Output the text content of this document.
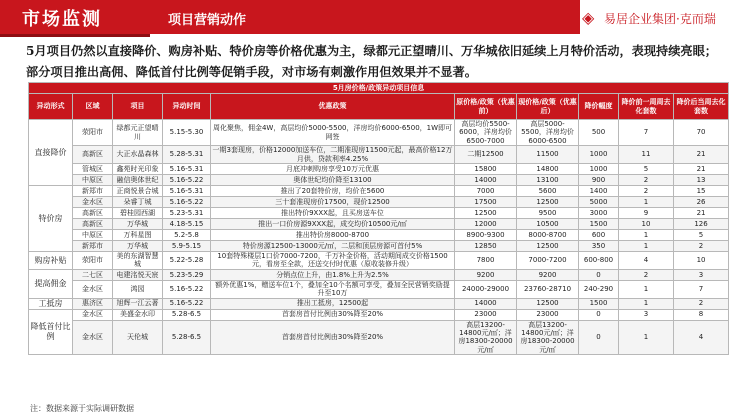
市场监测	项目营销动作	◈ 易居企业集团·克而瑞
5月项目仍然以直接降价、购房补贴、特价房等价格优惠为主，绿都元正望晴川、万华城依旧延续上月特价活动，表现持续亮眼；部分项目推出高佣、降低首付比例等促销手段，对市场有刺激作用但效果并不显著。
5月房价格/政策异动项目信息									
异动形式	区域	项目	异动时间	优惠政策	原价格/政策（优惠前）	现价格/政策（优惠后）	降价幅度	降价前一周周去化套数	降价后当周去化套数
直接降价	荥阳市	绿都元正望晴川	5.15-5.30	周化聚焦，佣金4W，高层均价5000-5500，洋房均价6000-6500，1W即可网签	高层均价5500-6000，洋房均价6500-7000	高层5000-5500，洋房均价6000-6500	500	7	70
	高新区	大正水晶森林	5.28-5.31	一期3套现房，价格12000加送车位，二期准现房11500元起，最高价格12万月供，贷款利率4.25%	二期12500	11500	1000	11	21
	管城区	鑫苑时光印象	5.16-5.31	月底冲刺购房享受10万元优惠	15800	14800	1000	5	21
	中原区	融信奥体世纪	5.16-5.22	奥体世纪均价降至13100	14000	13100	900	2	13
特价房	新郑市	正商悦景合城	5.16-5.31	推出了20套特价房，均价在5600	7000	5600	1400	2	15
	金水区	朵睿丁城	5.16-5.22	三十套准现房价17500，现价12500	17500	12500	5000	1	26
	高新区	碧桂园西湖	5.23-5.31	推出特价9XXX起，且买房送车位	12500	9500	3000	9	21
	高新区	万华城	4.18-5.15	推出一口价房源9XXX起，成交均价10500元/㎡	12000	10500	1500	10	126
	中原区	万科星图	5.2-5.8	推出特价房8000-8700	8900-9300	8000-8700	600	1	5
	新郑市	万华城	5.9-5.15	特价房源12500-13000元/㎡，二层和顶层房源可首付5%	12850	12500	350	1	2
购房补贴	荥阳市	美的东湖智慧城	5.22-5.28	10套特殊楼层1口价7000-7200，千万补金价格，活动期间成交价格1500元，看房至全款，还送交付时优惠（原收装修升级）	7800	7000-7200	600-800	4	10
提高佣金	二七区	电建洺悦天宸	5.23-5.29	分销点位上升，由1.8%上升为2.5%	9200	9200	0	2	3
	金水区	鸿园	5.16-5.22	额外优惠1%，赠送车位1个，叠加全10个名额可享受，叠加全民营销奖励提升至10万	24000-29000	23760-28710	240-290	1	7
工抵房	惠济区	旭辉一江云著	5.16-5.22	推出工抵房，12500起	14000	12500	1500	1	2
降低首付比例	金水区	美盛金水印	5.28-6.5	首套房首付比例由30%降至20%	23000	23000	0	3	8
	金水区	天伦城	5.28-6.5	首套房首付比例由30%降至20%	高层13200-14800元/㎡；洋房18300-20000元/㎡	高层13200-14800元/㎡；洋房18300-20000元/㎡	0	1	4
注：数据来源于实际调研数据
